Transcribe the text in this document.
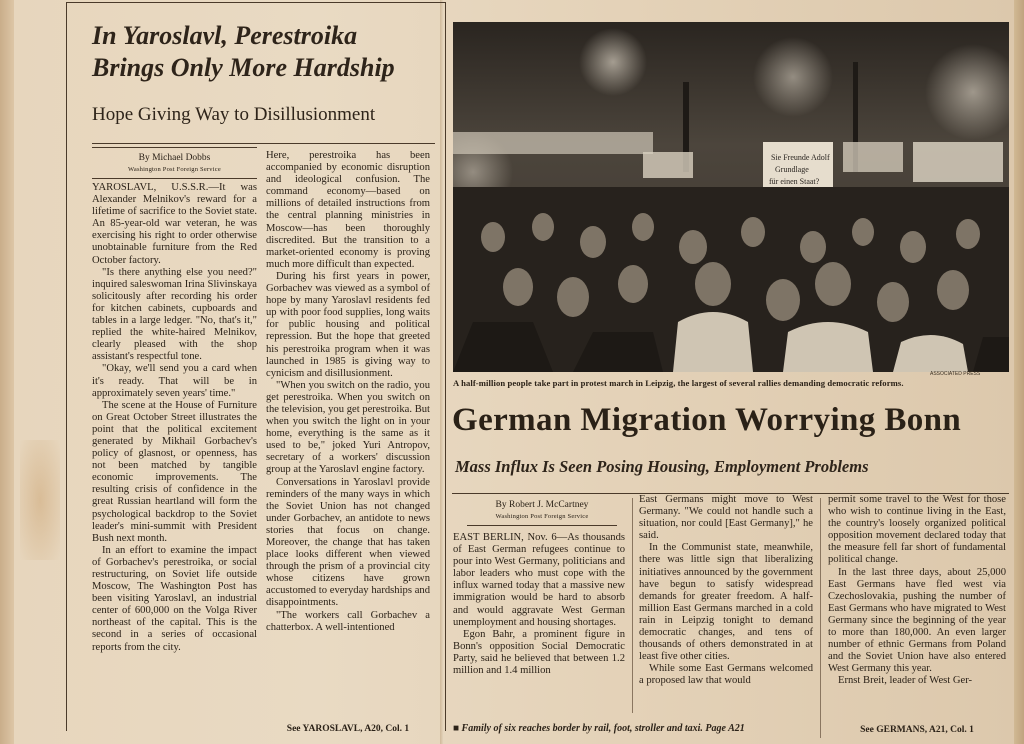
In Yaroslavl, Perestroika
Brings Only More Hardship
Hope Giving Way to Disillusionment
By Michael Dobbs
Washington Post Foreign Service

YAROSLAVL, U.S.S.R.—It was Alexander Melnikov's reward for a lifetime of sacrifice to the Soviet state. An 85-year-old war veteran, he was exercising his right to order otherwise unobtainable furniture from the Red October factory.

"Is there anything else you need?" inquired saleswoman Irina Slivinskaya solicitously after recording his order for kitchen cabinets, cupboards and tables in a large ledger. "No, that's it," replied the white-haired Melnikov, clearly pleased with the shop assistant's respectful tone.

"Okay, we'll send you a card when it's ready. That will be in approximately seven years' time."

The scene at the House of Furniture on Great October Street illustrates the point that the political excitement generated by Mikhail Gorbachev's policy of glasnost, or openness, has not been matched by tangible economic improvements. The resulting crisis of confidence in the great Russian heartland will form the psychological backdrop to the Soviet leader's mini-summit with President Bush next month.

In an effort to examine the impact of Gorbachev's perestroika, or social restructuring, on Soviet life outside Moscow, The Washington Post has been visiting Yaroslavl, an industrial center of 600,000 on the Volga River northeast of the capital. This is the second in a series of occasional reports from the city.

Here, perestroika has been accompanied by economic disruption and ideological confusion. The command economy—based on millions of detailed instructions from the central planning ministries in Moscow—has been thoroughly discredited. But the transition to a market-oriented economy is proving much more difficult than expected.

During his first years in power, Gorbachev was viewed as a symbol of hope by many Yaroslavl residents fed up with poor food supplies, long waits for public housing and political repression. But the hope that greeted his perestroika program when it was launched in 1985 is giving way to cynicism and disillusionment.

"When you switch on the radio, you get perestroika. When you switch on the television, you get perestroika. But when you switch the light on in your home, everything is the same as it used to be," joked Yuri Antropov, secretary of a workers' discussion group at the Yaroslavl engine factory.

Conversations in Yaroslavl provide reminders of the many ways in which the Soviet Union has not changed under Gorbachev, an antidote to news stories that focus on change. Moreover, the change that has taken place looks different when viewed through the prism of a provincial city whose citizens have grown accustomed to everyday hardships and disappointments.

"The workers call Gorbachev a chatterbox. A well-intentioned

See YAROSLAVL, A20, Col. 1
Sie Freunde Adolf
Grundlage
für einen Staat?
ASSOCIATED PRESS
A half-million people take part in protest march in Leipzig, the largest of several rallies demanding democratic reforms.
German Migration Worrying Bonn
Mass Influx Is Seen Posing Housing, Employment Problems
By Robert J. McCartney
Washington Post Foreign Service

EAST BERLIN, Nov. 6—As thousands of East German refugees continue to pour into West Germany, politicians and labor leaders who must cope with the influx warned today that a massive new immigration would be hard to absorb and would aggravate West German unemployment and housing shortages.

Egon Bahr, a prominent figure in Bonn's opposition Social Democratic Party, said he believed that between 1.2 million and 1.4 million

East Germans might move to West Germany. "We could not handle such a situation, nor could [East Germany]," he said.

In the Communist state, meanwhile, there was little sign that liberalizing initiatives announced by the government have begun to satisfy widespread demands for greater freedom. A half-million East Germans marched in a cold rain in Leipzig tonight to demand democratic changes, and tens of thousands of others demonstrated in at least five other cities.

While some East Germans welcomed a proposed law that would

permit some travel to the West for those who wish to continue living in the East, the country's loosely organized political opposition movement declared today that the measure fell far short of fundamental political change.

In the last three days, about 25,000 East Germans have fled west via Czechoslovakia, pushing the number of East Germans who have migrated to West Germany since the beginning of the year to more than 180,000. An even larger number of ethnic Germans from Poland and the Soviet Union have also entered West Germany this year.

Ernst Breit, leader of West Ger-

■ Family of six reaches border by rail, foot, stroller and taxi. Page A21	See GERMANS, A21, Col. 1
